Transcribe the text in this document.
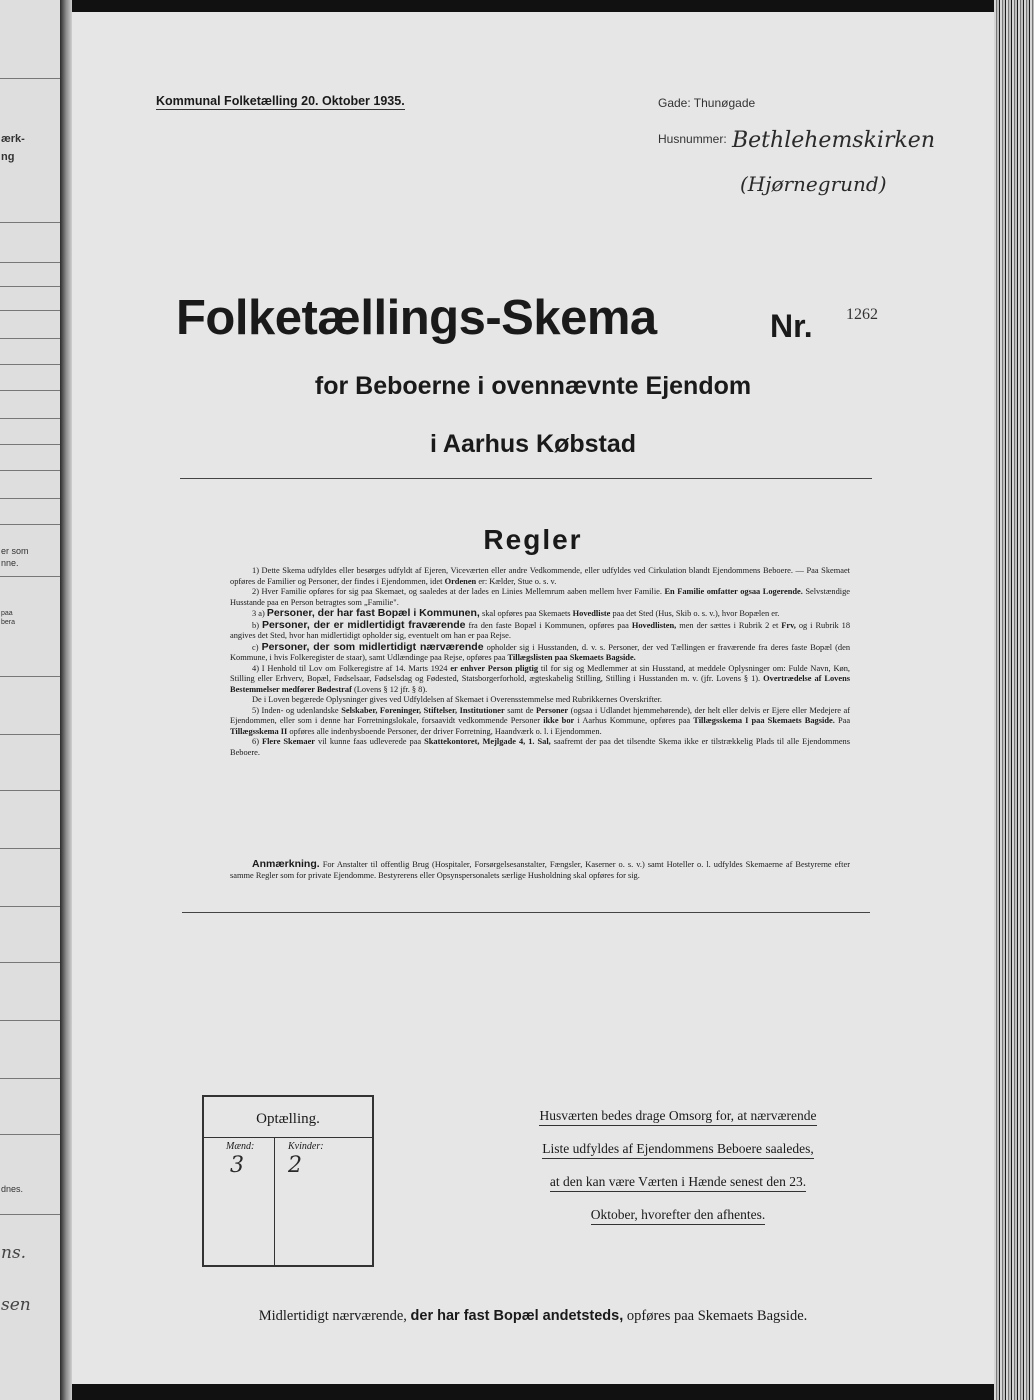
ærk-
ng
er som
nne.
paa
bera
dnes.
ns.
sen
Kommunal Folketælling 20. Oktober 1935.	Gade: Thunøgade
Husnummer: Bethlehemskirken
(Hjørnegrund)
Folketællings-Skema	Nr. 1262
for Beboerne i ovennævnte Ejendom
i Aarhus Købstad
Regler

1) Dette Skema udfyldes eller besørges udfyldt af Ejeren, Viceværten eller andre Vedkommende, eller udfyldes ved Cirkulation blandt Ejendommens Beboere. — Paa Skemaet opføres de Familier og Personer, der findes i Ejendommen, idet Ordenen er: Kælder, Stue o. s. v.

2) Hver Familie opføres for sig paa Skemaet, og saaledes at der lades en Linies Mellemrum aaben mellem hver Familie. En Familie omfatter ogsaa Logerende. Selvstændige Husstande paa en Person betragtes som „Familie".

3 a) Personer, der har fast Bopæl i Kommunen, skal opføres paa Skemaets Hovedliste paa det Sted (Hus, Skib o. s. v.), hvor Bopælen er.

b) Personer, der er midlertidigt fraværende fra den faste Bopæl i Kommunen, opføres paa Hovedlisten, men der sættes i Rubrik 2 et Frv, og i Rubrik 18 angives det Sted, hvor han midlertidigt opholder sig, eventuelt om han er paa Rejse.

c) Personer, der som midlertidigt nærværende opholder sig i Husstanden, d. v. s. Personer, der ved Tællingen er fraværende fra deres faste Bopæl (den Kommune, i hvis Folkeregister de staar), samt Udlændinge paa Rejse, opføres paa Tillægslisten paa Skemaets Bagside.

4) I Henhold til Lov om Folkeregistre af 14. Marts 1924 er enhver Person pligtig til for sig og Medlemmer at sin Husstand, at meddele Oplysninger om: Fulde Navn, Køn, Stilling eller Erhverv, Bopæl, Fødselsaar, Fødselsdag og Fødested, Statsborgerforhold, ægteskabelig Stilling, Stilling i Husstanden m. v. (jfr. Lovens § 1). Overtrædelse af Lovens Bestemmelser medfører Bødestraf (Lovens § 12 jfr. § 8).

De i Loven begærede Oplysninger gives ved Udfyldelsen af Skemaet i Overensstemmelse med Rubrikkernes Overskrifter.

5) Inden- og udenlandske Selskaber, Foreninger, Stiftelser, Institutioner samt de Personer (ogsaa i Udlandet hjemmehørende), der helt eller delvis er Ejere eller Medejere af Ejendommen, eller som i denne har Forretningslokale, forsaavidt vedkommende Personer ikke bor i Aarhus Kommune, opføres paa Tillægsskema I paa Skemaets Bagside. Paa Tillægsskema II opføres alle indenbysboende Personer, der driver Forretning, Haandværk o. l. i Ejendommen.

6) Flere Skemaer vil kunne faas udleverede paa Skattekontoret, Mejlgade 4, 1. Sal, saafremt der paa det tilsendte Skema ikke er tilstrækkelig Plads til alle Ejendommens Beboere.

Anmærkning. For Anstalter til offentlig Brug (Hospitaler, Forsørgelsesanstalter, Fængsler, Kaserner o. s. v.) samt Hoteller o. l. udfyldes Skemaerne af Bestyrerne efter samme Regler som for private Ejendomme. Bestyrerens eller Opsynspersonalets særlige Husholdning skal opføres for sig.
Optælling.
Mænd:	Kvinder:
3 2
Husværten bedes drage Omsorg for, at nærværende
Liste udfyldes af Ejendommens Beboere saaledes,
at den kan være Værten i Hænde senest den 23.
Oktober, hvorefter den afhentes.
Midlertidigt nærværende, der har fast Bopæl andetsteds, opføres paa Skemaets Bagside.
